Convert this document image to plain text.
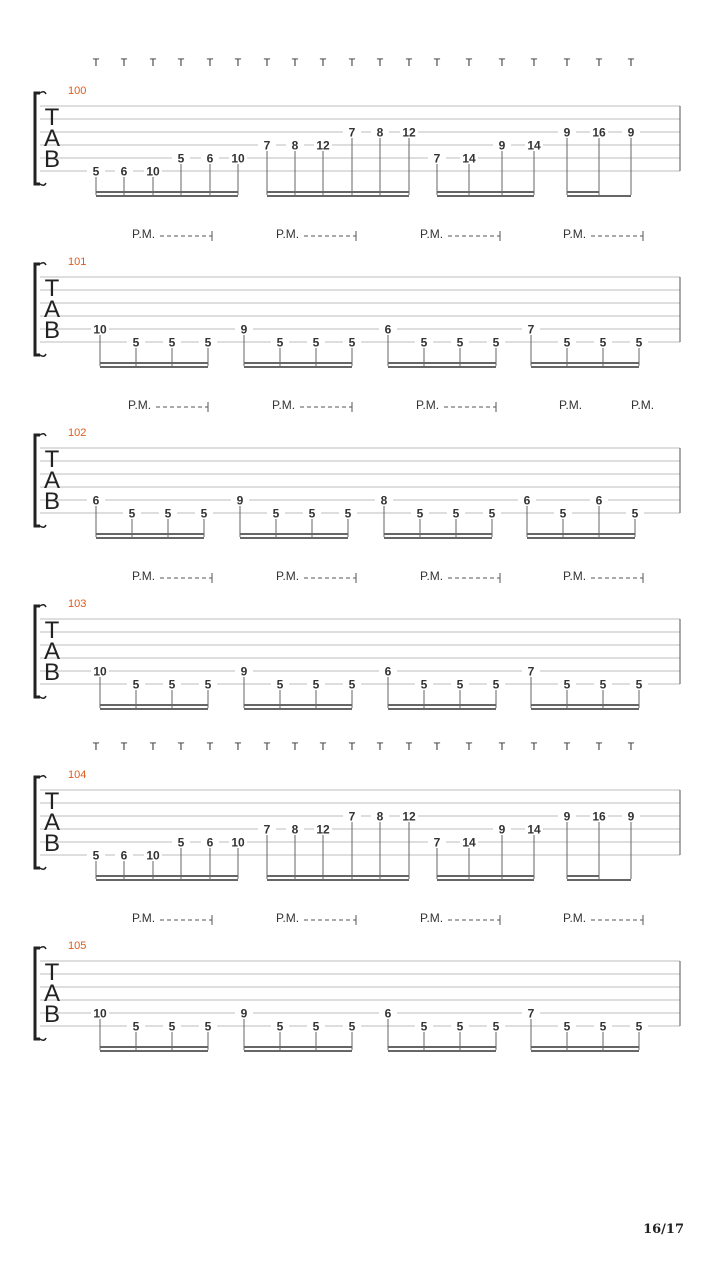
T
A
B
100
5 6 10
5 6 10
7 8 12
7 8 12
7 14
9 14
9 16 9
T T T T T T T T T T T T T T T T T T T
T
A
B
101
10
5 5 5
9
5 5 5
6
5 5 5
7
5 5 5
P.M.	P.M.	P.M.	P.M.
T
A
B
102
6
5 5 5
9
5 5 5
8
5 5 5
6
5
6
5
P.M.	P.M.	P.M.	P.M.	P.M.
T
A
B
103
10
5 5 5
9
5 5 5
6
5 5 5
7
5 5 5
P.M.	P.M.	P.M.	P.M.
T
A
B
104
5 6 10
5 6 10
7 8 12
7 8 12
7 14
9 14
9 16 9
T T T T T T T T T T T T T T T T T T T
T
A
B
105
10
5 5 5
9
5 5 5
6
5 5 5
7
5 5 5
P.M.	P.M.	P.M.	P.M.
16/17
